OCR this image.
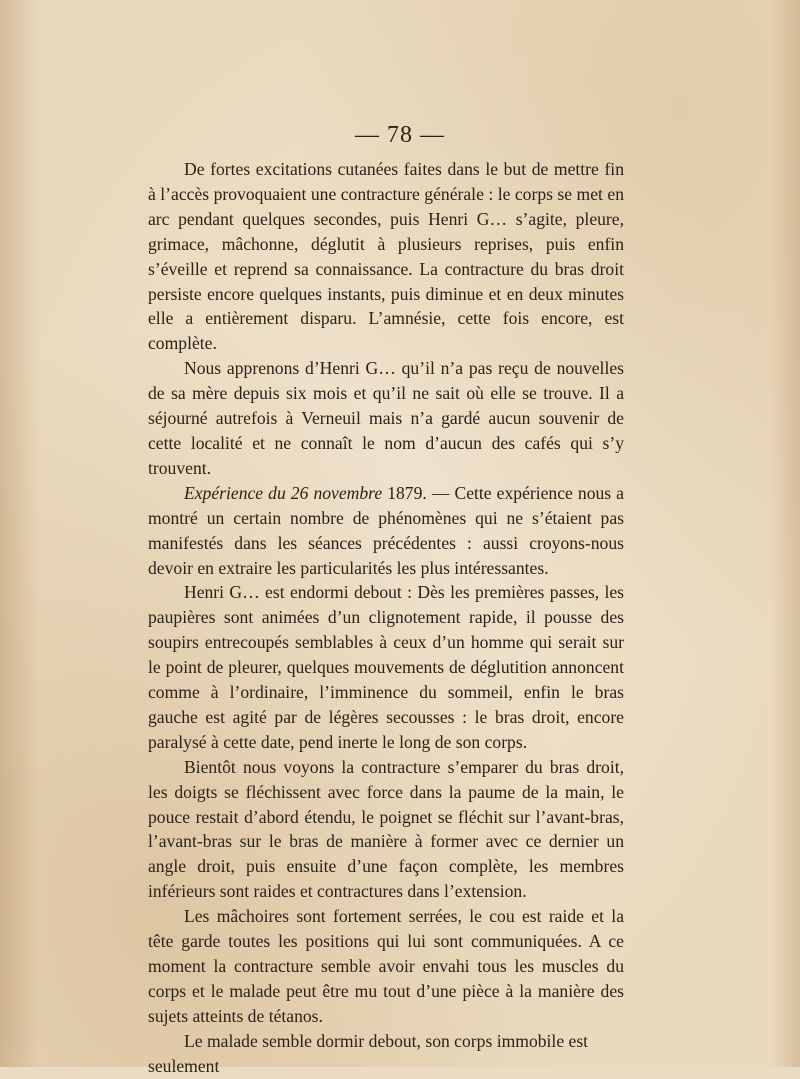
— 78 —

De fortes excitations cutanées faites dans le but de mettre fin à l’accès provoquaient une contracture générale : le corps se met en arc pendant quelques secondes, puis Henri G… s’agite, pleure, grimace, mâchonne, déglutit à plusieurs reprises, puis enfin s’éveille et reprend sa connaissance. La contracture du bras droit persiste encore quelques instants, puis diminue et en deux minutes elle a entièrement disparu. L’amnésie, cette fois encore, est complète.

Nous apprenons d’Henri G… qu’il n’a pas reçu de nouvelles de sa mère depuis six mois et qu’il ne sait où elle se trouve. Il a séjourné autrefois à Verneuil mais n’a gardé aucun souvenir de cette localité et ne connaît le nom d’aucun des cafés qui s’y trouvent.

Expérience du 26 novembre 1879. — Cette expérience nous a montré un certain nombre de phénomènes qui ne s’étaient pas manifestés dans les séances précédentes : aussi croyons-nous devoir en extraire les particularités les plus intéressantes.

Henri G… est endormi debout : Dès les premières passes, les paupières sont animées d’un clignotement rapide, il pousse des soupirs entrecoupés semblables à ceux d’un homme qui serait sur le point de pleurer, quelques mouvements de déglutition annoncent comme à l’ordinaire, l’imminence du sommeil, enfin le bras gauche est agité par de légères secousses : le bras droit, encore paralysé à cette date, pend inerte le long de son corps.

Bientôt nous voyons la contracture s’emparer du bras droit, les doigts se fléchissent avec force dans la paume de la main, le pouce restait d’abord étendu, le poignet se fléchit sur l’avant-bras, l’avant-bras sur le bras de manière à former avec ce dernier un angle droit, puis ensuite d’une façon complète, les membres inférieurs sont raides et contractures dans l’extension.

Les mâchoires sont fortement serrées, le cou est raide et la tête garde toutes les positions qui lui sont communiquées. A ce moment la contracture semble avoir envahi tous les muscles du corps et le malade peut être mu tout d’une pièce à la manière des sujets atteints de tétanos.

Le malade semble dormir debout, son corps immobile est seulement
